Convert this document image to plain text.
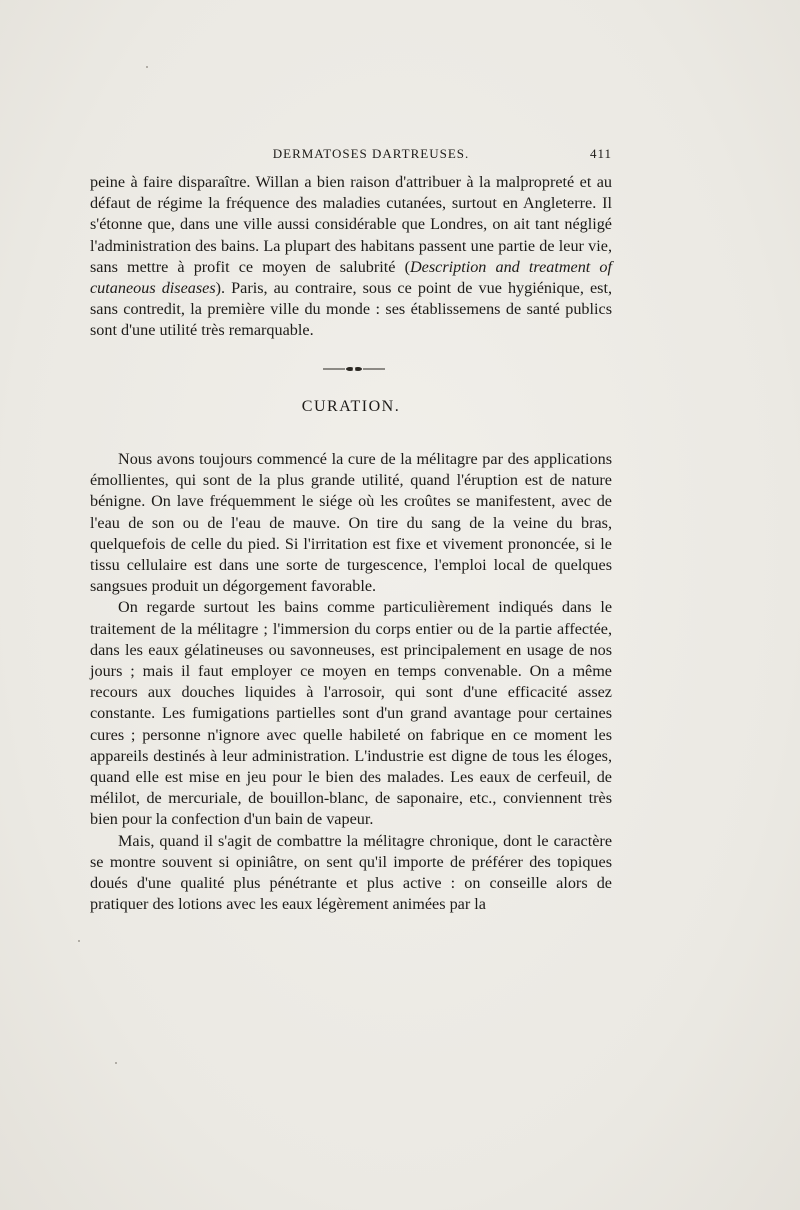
DERMATOSES DARTREUSES.	411

peine à faire disparaître. Willan a bien raison d'attribuer à la malpropreté et au défaut de régime la fréquence des maladies cutanées, surtout en Angleterre. Il s'étonne que, dans une ville aussi considérable que Londres, on ait tant négligé l'administration des bains. La plupart des habitans passent une partie de leur vie, sans mettre à profit ce moyen de salubrité (Description and treatment of cutaneous diseases). Paris, au contraire, sous ce point de vue hygiénique, est, sans contredit, la première ville du monde : ses établissemens de santé publics sont d'une utilité très remarquable.

CURATION.

Nous avons toujours commencé la cure de la mélitagre par des applications émollientes, qui sont de la plus grande utilité, quand l'éruption est de nature bénigne. On lave fréquemment le siége où les croûtes se manifestent, avec de l'eau de son ou de l'eau de mauve. On tire du sang de la veine du bras, quelquefois de celle du pied. Si l'irritation est fixe et vivement prononcée, si le tissu cellulaire est dans une sorte de turgescence, l'emploi local de quelques sangsues produit un dégorgement favorable.

On regarde surtout les bains comme particulièrement indiqués dans le traitement de la mélitagre ; l'immersion du corps entier ou de la partie affectée, dans les eaux gélatineuses ou savonneuses, est principalement en usage de nos jours ; mais il faut employer ce moyen en temps convenable. On a même recours aux douches liquides à l'arrosoir, qui sont d'une efficacité assez constante. Les fumigations partielles sont d'un grand avantage pour certaines cures ; personne n'ignore avec quelle habileté on fabrique en ce moment les appareils destinés à leur administration. L'industrie est digne de tous les éloges, quand elle est mise en jeu pour le bien des malades. Les eaux de cerfeuil, de mélilot, de mercuriale, de bouillon-blanc, de saponaire, etc., conviennent très bien pour la confection d'un bain de vapeur.

Mais, quand il s'agit de combattre la mélitagre chronique, dont le caractère se montre souvent si opiniâtre, on sent qu'il importe de préférer des topiques doués d'une qualité plus pénétrante et plus active : on conseille alors de pratiquer des lotions avec les eaux légèrement animées par la
